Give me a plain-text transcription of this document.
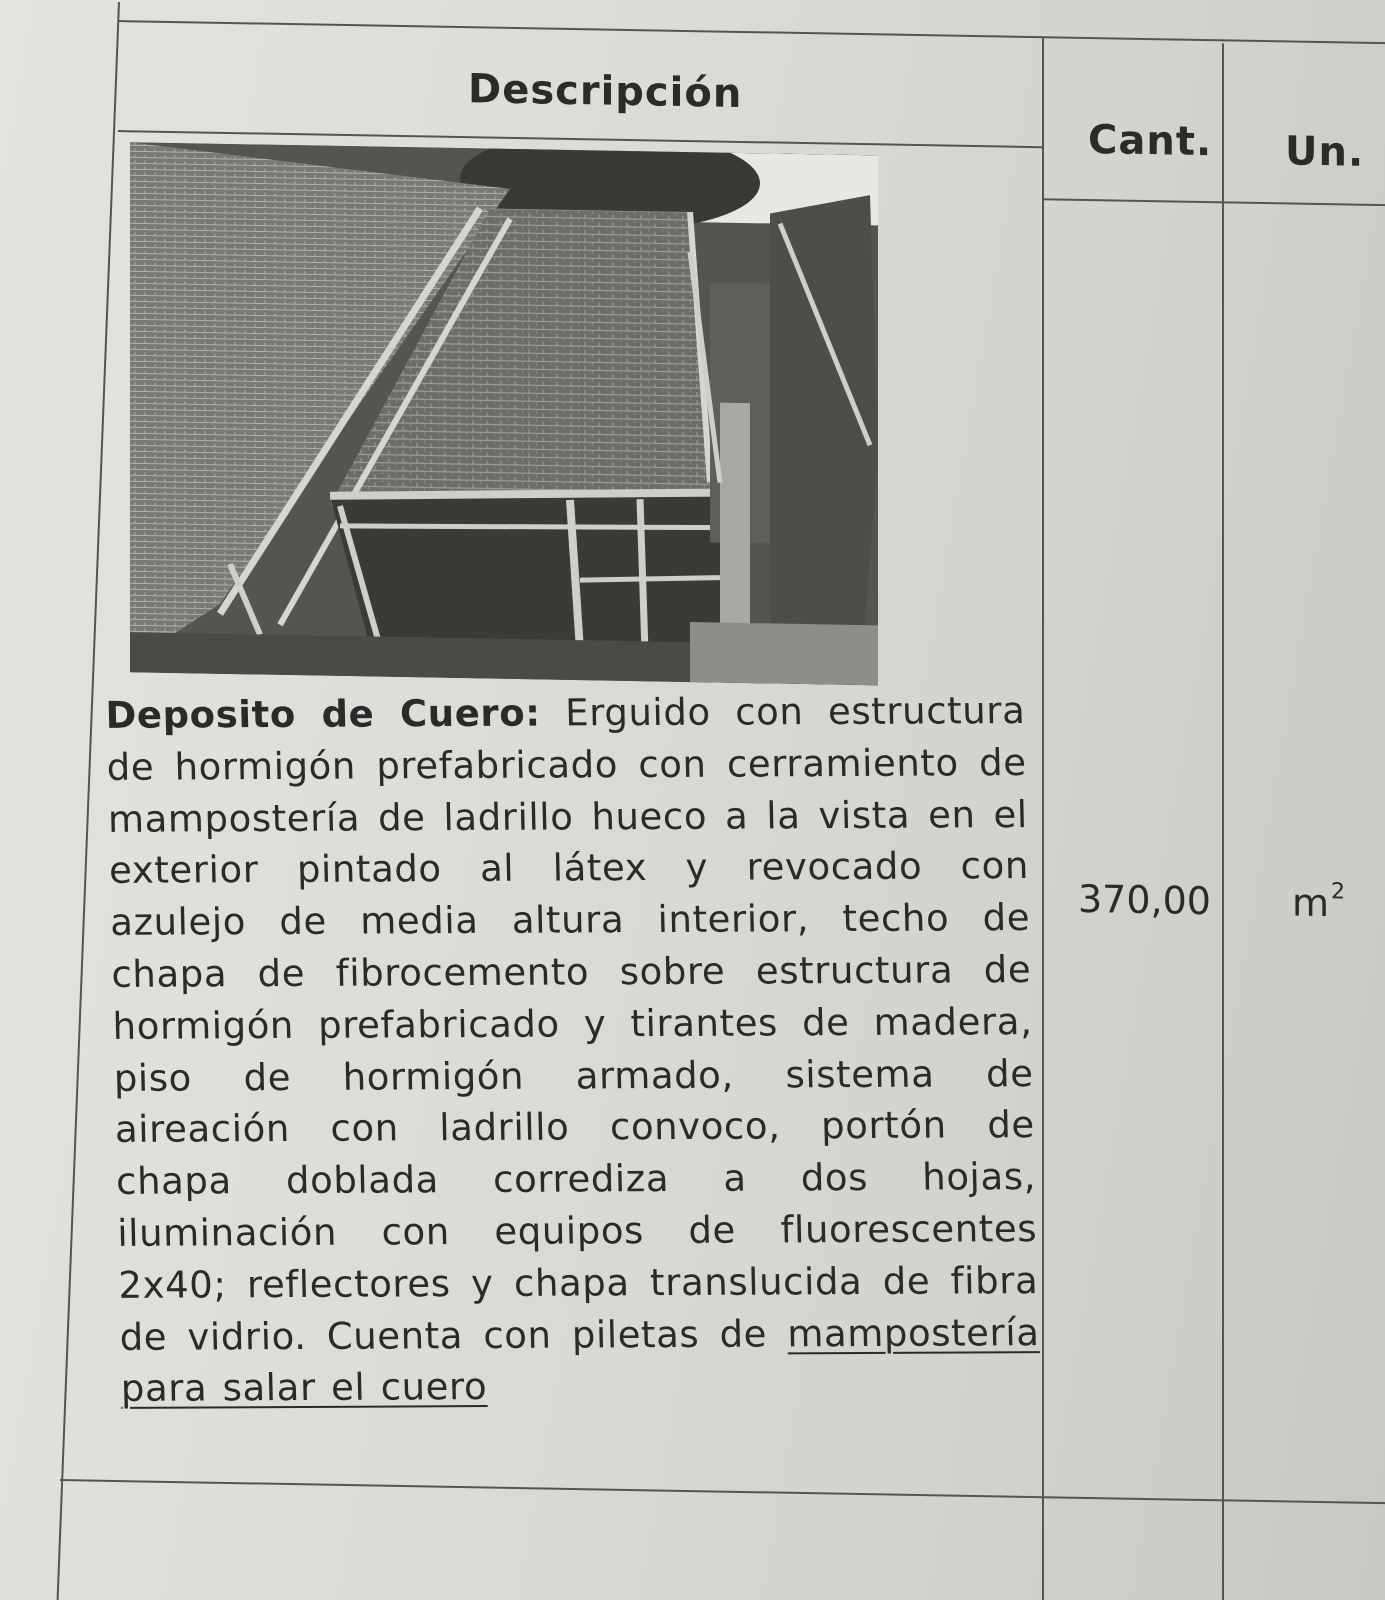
Descripción
Cant. Un.
Deposito de Cuero: Erguido con estructura de hormigón prefabricado con cerramiento de mampostería de ladrillo hueco a la vista en el exterior pintado al látex y revocado con azulejo de media altura interior, techo de chapa de fibrocemento sobre estructura de hormigón prefabricado y tirantes de madera, piso de hormigón armado, sistema de aireación con ladrillo convoco, portón de chapa doblada corrediza a dos hojas, iluminación con equipos de fluorescentes 2x40; reflectores y chapa translucida de fibra de vidrio. Cuenta con piletas de mampostería para salar el cuero
370,00 $m^2$
